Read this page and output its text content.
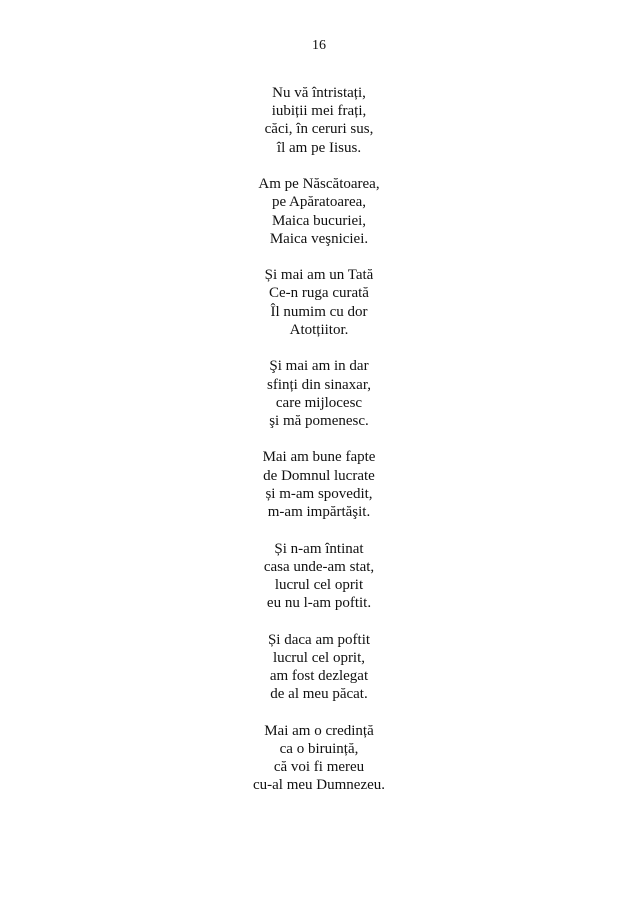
16
Nu vă întristați,
iubiții mei frați,
căci, în ceruri sus,
îl am pe Iisus.
Am pe Născătoarea,
pe Apăratoarea,
Maica bucuriei,
Maica veşniciei.
Și mai am un Tată
Ce-n ruga curată
Îl numim cu dor
Atotțiitor.
Şi mai am in dar
sfinți din sinaxar,
care mijlocesc
şi mă pomenesc.
Mai am bune fapte
de Domnul lucrate
și m-am spovedit,
m-am impărtăşit.
Și n-am întinat
casa unde-am stat,
lucrul cel oprit
eu nu l-am poftit.
Și daca am poftit
lucrul cel oprit,
am fost dezlegat
de al meu păcat.
Mai am o credință
ca o biruință,
că voi fi mereu
cu-al meu Dumnezeu.
